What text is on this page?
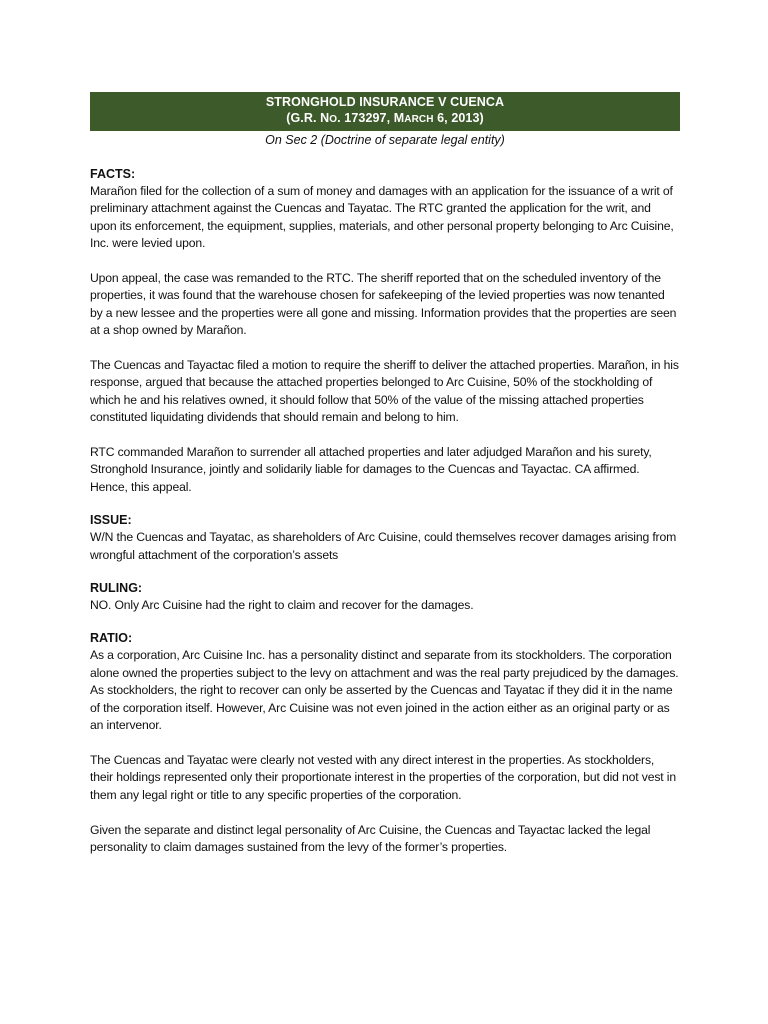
STRONGHOLD INSURANCE V CUENCA
(G.R. NO. 173297, MARCH 6, 2013)
On Sec 2 (Doctrine of separate legal entity)
FACTS:

Marañon filed for the collection of a sum of money and damages with an application for the issuance of a writ of preliminary attachment against the Cuencas and Tayatac. The RTC granted the application for the writ, and upon its enforcement, the equipment, supplies, materials, and other personal property belonging to Arc Cuisine, Inc. were levied upon.

Upon appeal, the case was remanded to the RTC. The sheriff reported that on the scheduled inventory of the properties, it was found that the warehouse chosen for safekeeping of the levied properties was now tenanted by a new lessee and the properties were all gone and missing. Information provides that the properties are seen at a shop owned by Marañon.

The Cuencas and Tayactac filed a motion to require the sheriff to deliver the attached properties. Marañon, in his response, argued that because the attached properties belonged to Arc Cuisine, 50% of the stockholding of which he and his relatives owned, it should follow that 50% of the value of the missing attached properties constituted liquidating dividends that should remain and belong to him.

RTC commanded Marañon to surrender all attached properties and later adjudged Marañon and his surety, Stronghold Insurance, jointly and solidarily liable for damages to the Cuencas and Tayactac. CA affirmed. Hence, this appeal.

ISSUE:

W/N the Cuencas and Tayatac, as shareholders of Arc Cuisine, could themselves recover damages arising from wrongful attachment of the corporation’s assets

RULING:

NO. Only Arc Cuisine had the right to claim and recover for the damages.

RATIO:

As a corporation, Arc Cuisine Inc. has a personality distinct and separate from its stockholders. The corporation alone owned the properties subject to the levy on attachment and was the real party prejudiced by the damages. As stockholders, the right to recover can only be asserted by the Cuencas and Tayatac if they did it in the name of the corporation itself. However, Arc Cuisine was not even joined in the action either as an original party or as an intervenor.

The Cuencas and Tayatac were clearly not vested with any direct interest in the properties. As stockholders, their holdings represented only their proportionate interest in the properties of the corporation, but did not vest in them any legal right or title to any specific properties of the corporation.

Given the separate and distinct legal personality of Arc Cuisine, the Cuencas and Tayactac lacked the legal personality to claim damages sustained from the levy of the former’s properties.
